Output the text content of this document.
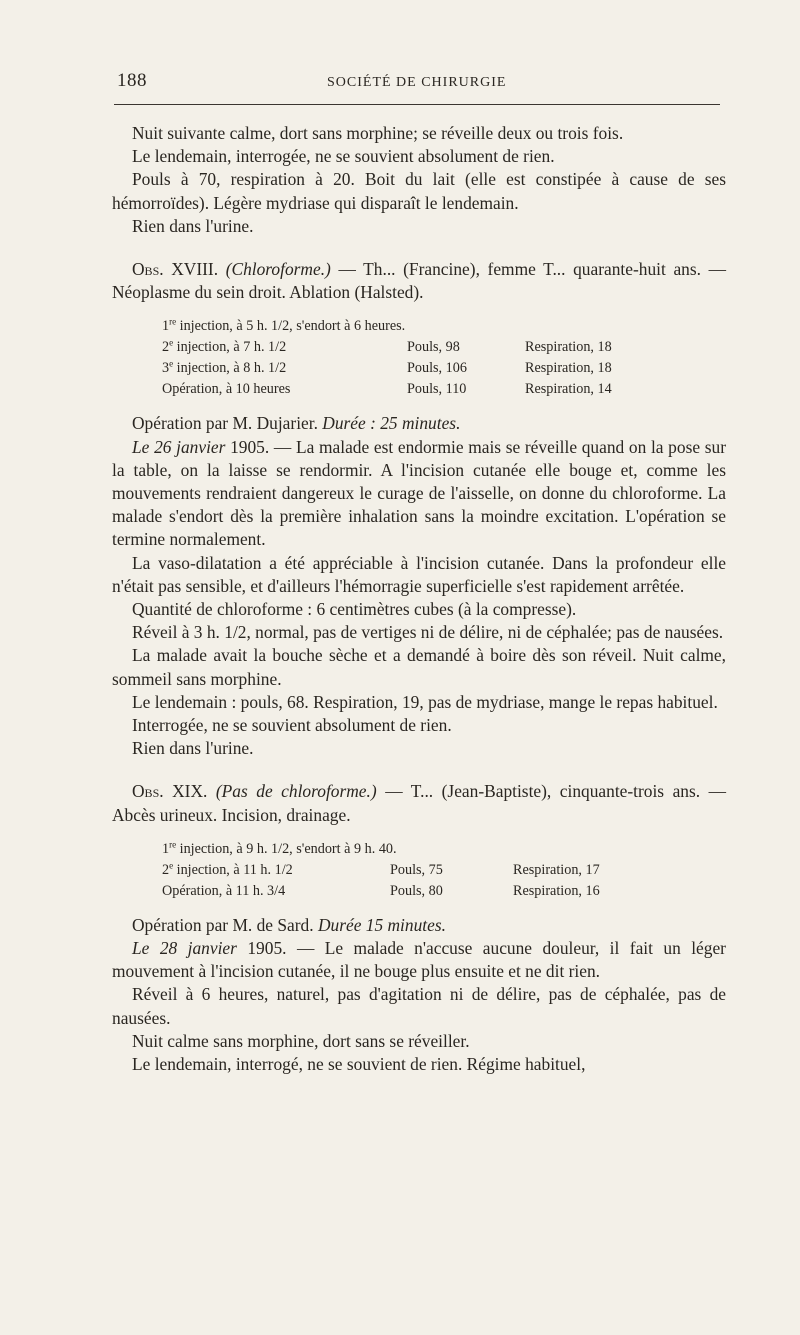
188	SOCIÉTÉ DE CHIRURGIE

Nuit suivante calme, dort sans morphine; se réveille deux ou trois fois.

Le lendemain, interrogée, ne se souvient absolument de rien.

Pouls à 70, respiration à 20. Boit du lait (elle est constipée à cause de ses hémorroïdes). Légère mydriase qui disparaît le lendemain.

Rien dans l'urine.

Obs. XVIII. (Chloroforme.) — Th... (Francine), femme T... quarante-huit ans. — Néoplasme du sein droit. Ablation (Halsted).

1re injection, à 5 h. 1/2, s'endort à 6 heures.		
2e injection, à 7 h. 1/2	Pouls, 98	Respiration, 18
3e injection, à 8 h. 1/2	Pouls, 106	Respiration, 18
Opération, à 10 heures	Pouls, 110	Respiration, 14

Opération par M. Dujarier. Durée : 25 minutes.

Le 26 janvier 1905. — La malade est endormie mais se réveille quand on la pose sur la table, on la laisse se rendormir. A l'incision cutanée elle bouge et, comme les mouvements rendraient dangereux le curage de l'aisselle, on donne du chloroforme. La malade s'endort dès la première inhalation sans la moindre excitation. L'opération se termine normalement.

La vaso-dilatation a été appréciable à l'incision cutanée. Dans la profondeur elle n'était pas sensible, et d'ailleurs l'hémorragie superficielle s'est rapidement arrêtée.

Quantité de chloroforme : 6 centimètres cubes (à la compresse).

Réveil à 3 h. 1/2, normal, pas de vertiges ni de délire, ni de céphalée; pas de nausées.

La malade avait la bouche sèche et a demandé à boire dès son réveil. Nuit calme, sommeil sans morphine.

Le lendemain : pouls, 68. Respiration, 19, pas de mydriase, mange le repas habituel.

Interrogée, ne se souvient absolument de rien.

Rien dans l'urine.

Obs. XIX. (Pas de chloroforme.) — T... (Jean-Baptiste), cinquante-trois ans. — Abcès urineux. Incision, drainage.

1re injection, à 9 h. 1/2, s'endort à 9 h. 40.		
2e injection, à 11 h. 1/2	Pouls, 75	Respiration, 17
Opération, à 11 h. 3/4	Pouls, 80	Respiration, 16

Opération par M. de Sard. Durée 15 minutes.

Le 28 janvier 1905. — Le malade n'accuse aucune douleur, il fait un léger mouvement à l'incision cutanée, il ne bouge plus ensuite et ne dit rien.

Réveil à 6 heures, naturel, pas d'agitation ni de délire, pas de céphalée, pas de nausées.

Nuit calme sans morphine, dort sans se réveiller.

Le lendemain, interrogé, ne se souvient de rien. Régime habituel,
